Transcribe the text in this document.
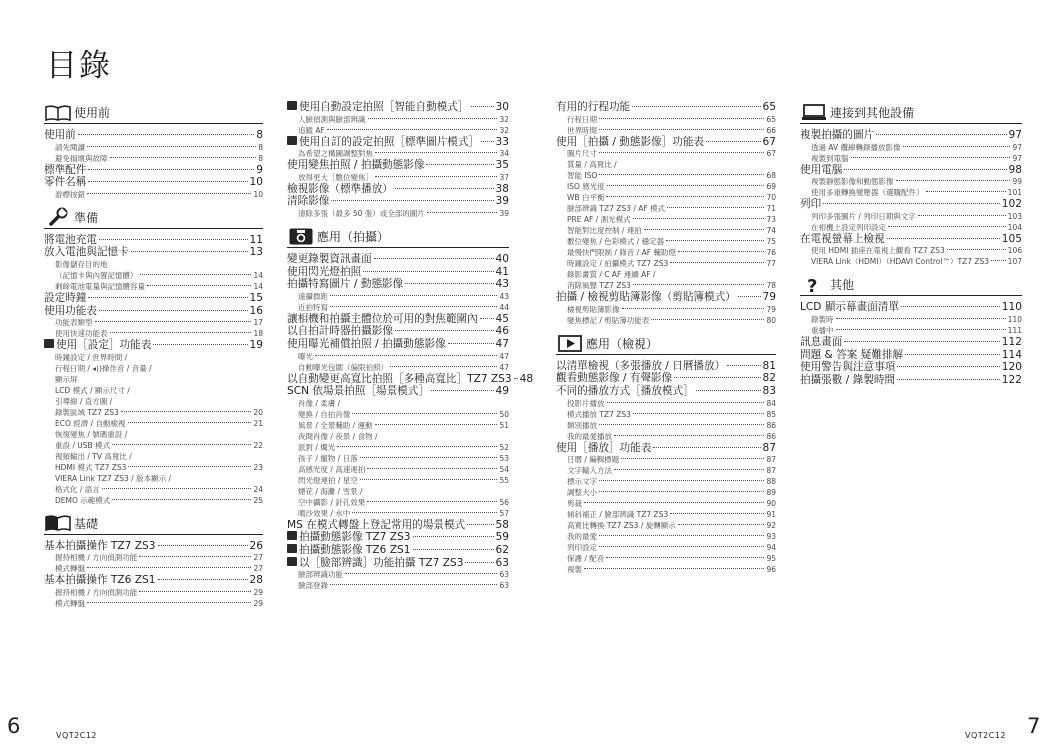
目錄
使用前
使用前	8
請先閱讀	8
避免損壞與故障	8
標準配件	9
零件名稱	10
游標按鈕	10
準備
將電池充電	11
放入電池與記憶卡	13
影像儲存目的地
（記憶卡與內置記憶體）	14
剩餘電池電量與記憶體容量	14
設定時鐘	15
使用功能表	16
功能表類型	17
使用快速功能表	18
使用［設定］功能表	19
時鐘設定 / 世界時間 /
行程日期 / ◂))操作音 / 音量 /
顯示屏
LCD 模式 / 顯示尺寸 /
引導線 / 直方圖 /
錄製區域 TZ7 ZS3	20
ECO 經濟 / 自動檢視	21
恢復變焦 / 號碼重設 /
重設 / USB 模式	22
視頻輸出 / TV 高寬比 /
HDMI 模式 TZ7 ZS3	23
VIERA Link TZ7 ZS3 / 版本顯示 /
格式化 / 語言	24
DEMO 示範模式	25
基礎
基本拍攝操作 TZ7 ZS3	26
握持相機 / 方向偵測功能	27
模式轉盤	27
基本拍攝操作 TZ6 ZS1	28
握持相機 / 方向偵測功能	29
模式轉盤	29
使用自動設定拍照［智能自動模式］	30
人臉偵測與臉部辨識	32
追蹤 AF	32
使用自訂的設定拍照［標準圖片模式］ 33
為希望之構圖調整對焦	34
使用變焦拍照 / 拍攝動態影像	35
放得更大［數位變焦］	37
檢視影像（標準播放）	38
清除影像	39
清除多張（最多 50 張）或全部的圖片	39
應用（拍攝）
變更錄製資訊畫面	40
使用閃光燈拍照	41
拍攝特寫圖片 / 動態影像	43
遠攝微距	43
近拍特寫	44
讓相機和拍攝主體位於可用的對焦範圍內 45
以自拍計時器拍攝影像	46
使用曝光補償拍照 / 拍攝動態影像	47
曝光	47
自動曝光包圍（偏限拍照）	47
以自動變更高寬比拍照［多種高寬比］TZ7 ZS3 48
SCN 依場景拍照［場景模式］	49
肖像 / 柔膚 /
變換 / 自拍肖像	50
風景 / 全景輔助 / 運動	51
夜間肖像 / 夜景 / 食物 /
派對 / 燭光	52
孩子 / 寵物 / 日落	53
高感光度 / 高速連拍	54
閃光燈連拍 / 星空	55
煙花 / 海灘 / 雪景 /
空中攝影 / 針孔效果	56
噴沙效果 / 水中	57
MS 在模式轉盤上登記常用的場景模式	58
拍攝動態影像 TZ7 ZS3	59
拍攝動態影像 TZ6 ZS1	62
以［臉部辨識］功能拍攝 TZ7 ZS3	63
臉部辨識功能	63
臉部登錄	63
有用的行程功能	65
行程日期	65
世界時間	66
使用［拍攝 / 動態影像］功能表	67
圖片尺寸	67
質量 / 高寬比 /
智能 ISO	68
ISO 感光度	69
WB 白平衡	70
臉部辨識 TZ7 ZS3 / AF 模式	71
PRE AF / 測光模式	73
智能對比度控制 / 連拍	74
數位變焦 / 色彩模式 / 穩定器	75
最慢快門限制 / 錄音 / AF 輔助燈	76
時鐘設定 / 拍攝模式 TZ7 ZS3	77
錄影畫質 / C AF 連續 AF /
消除風聲 TZ7 ZS3	78
拍攝 / 檢視剪貼簿影像（剪貼簿模式）	79
檢視剪貼簿影像	79
變焦標記 / 剪貼簿功能表	80
應用（檢視）
以清單檢視（多張播放 / 日曆播放）	81
觀看動態影像 / 有聲影像	82
不同的播放方式［播放模式］	83
投影片播放	84
模式播放 TZ7 ZS3	85
類別播放	86
我的最愛播放	86
使用［播放］功能表	87
日曆 / 編輯標題	87
文字輸入方法	87
標示文字	88
調整大小	89
剪裁	90
傾斜補正 / 臉部辨識 TZ7 ZS3	91
高寬比轉換 TZ7 ZS3 / 旋轉顯示	92
我的最愛	93
列印設定	94
保護 / 配音	95
複製	96
連接到其他設備
複製拍攝的圖片	97
透過 AV 纜線轉錄播放影像	97
複製到電腦	97
使用電腦	98
複製靜態影像和動態影像	99
使用多重轉換變壓器（選購配件）	101
列印	102
列印多張圖片 / 列印日期與文字	103
在相機上設定列印設定	104
在電視螢幕上檢視	105
使用 HDMI 插座在電視上觀看 TZ7 ZS3	106
VIERA Link（HDMI）（HDAVI Control™）TZ7 ZS3 107
? 其他
LCD 顯示幕畫面清單	110
錄製時	110
重播中	111
訊息畫面	112
問題 & 答案 疑難排解	114
使用警告與注意事項	120
拍攝張數 / 錄製時間	122
6	VQT2C12	VQT2C12 7
